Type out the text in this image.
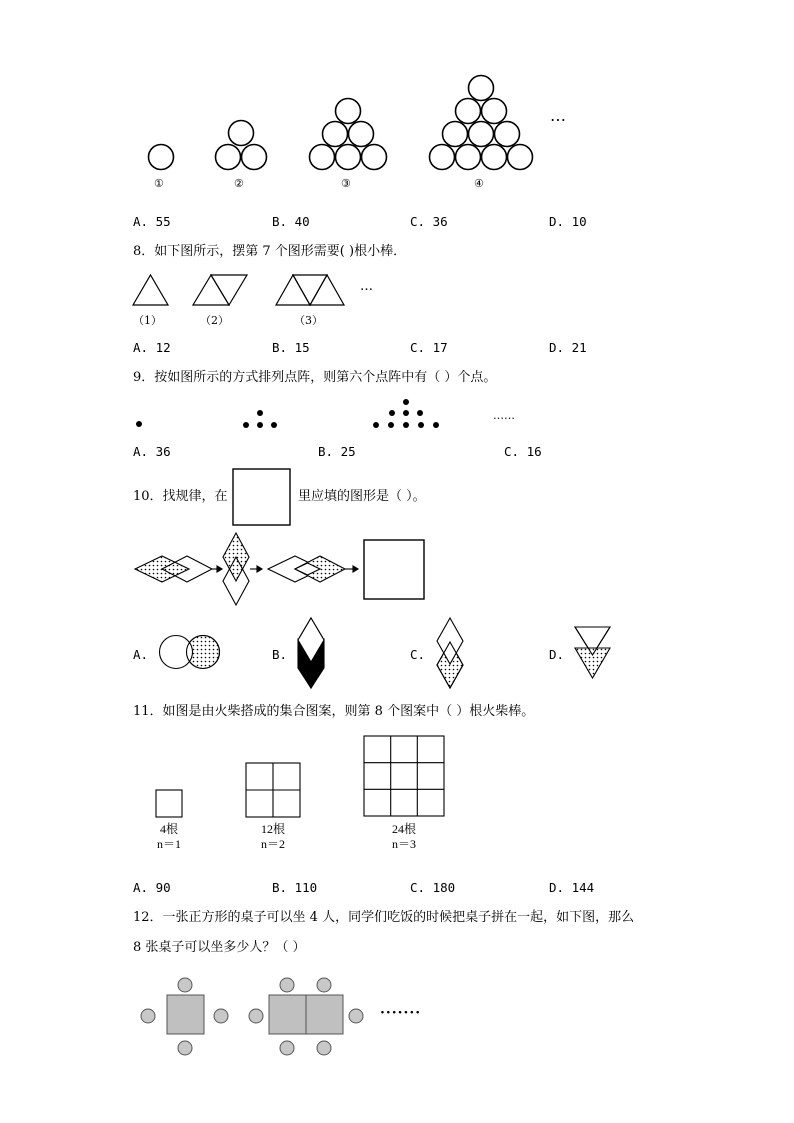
①	②	③	④
…
A. 55	B. 40	C. 36	D. 10
8．如下图所示，摆第 7 个图形需要( )根小棒．
（1）	（2）	（3）
…
A. 12	B. 15	C. 17	D. 21
9．按如图所示的方式排列点阵，则第六个点阵中有（ ）个点。
……
A. 36	B. 25	C. 16
10．找规律，在	里应填的图形是（ ）。
A.	B.	C.	D.
11．如图是由火柴搭成的集合图案，则第 8 个图案中（ ）根火柴棒。
4根
n＝1
12根
n＝2
24根
n＝3
A. 90	B. 110	C. 180	D. 144
12．一张正方形的桌子可以坐 4 人，同学们吃饭的时候把桌子拼在一起，如下图，那么
8 张桌子可以坐多少人？（ ）
·······
